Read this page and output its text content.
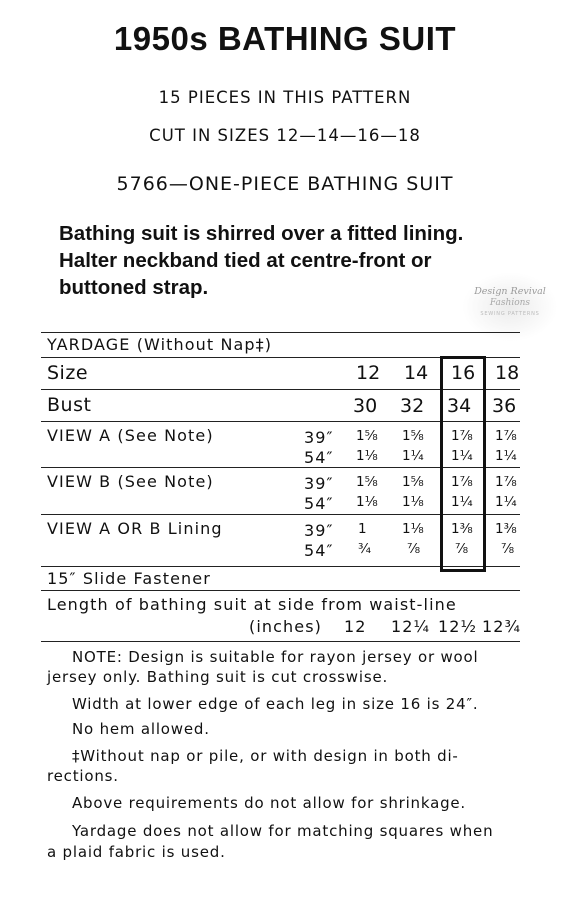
1950s BATHING SUIT
15 PIECES IN THIS PATTERN
CUT IN SIZES 12—14—16—18
5766—ONE-PIECE BATHING SUIT
Bathing suit is shirred over a fitted lining.
Halter neckband tied at centre-front or
buttoned strap.	Design Revival
Fashions
SEWING PATTERNS
YARDAGE (Without Nap‡)
Size	12 14 16 18
Bust	30 32 34 36
VIEW A (See Note)	39″ 1⅝ 1⅝ 1⅞ 1⅞
54″ 1⅛ 1¼ 1¼ 1¼
VIEW B (See Note)	39″ 1⅝ 1⅝ 1⅞ 1⅞
54″ 1⅛ 1⅛ 1¼ 1¼
VIEW A OR B Lining	39″ 1	1⅛ 1⅜ 1⅜
54″ ¾	⅞	⅞ ⅞
15″ Slide Fastener
Length of bathing suit at side from waist-line
(inches) 12 12¼ 12½ 12¾
NOTE: Design is suitable for rayon jersey or wool
jersey only. Bathing suit is cut crosswise.
Width at lower edge of each leg in size 16 is 24″.
No hem allowed.
‡Without nap or pile, or with design in both di-
rections.
Above requirements do not allow for shrinkage.
Yardage does not allow for matching squares when
a plaid fabric is used.
